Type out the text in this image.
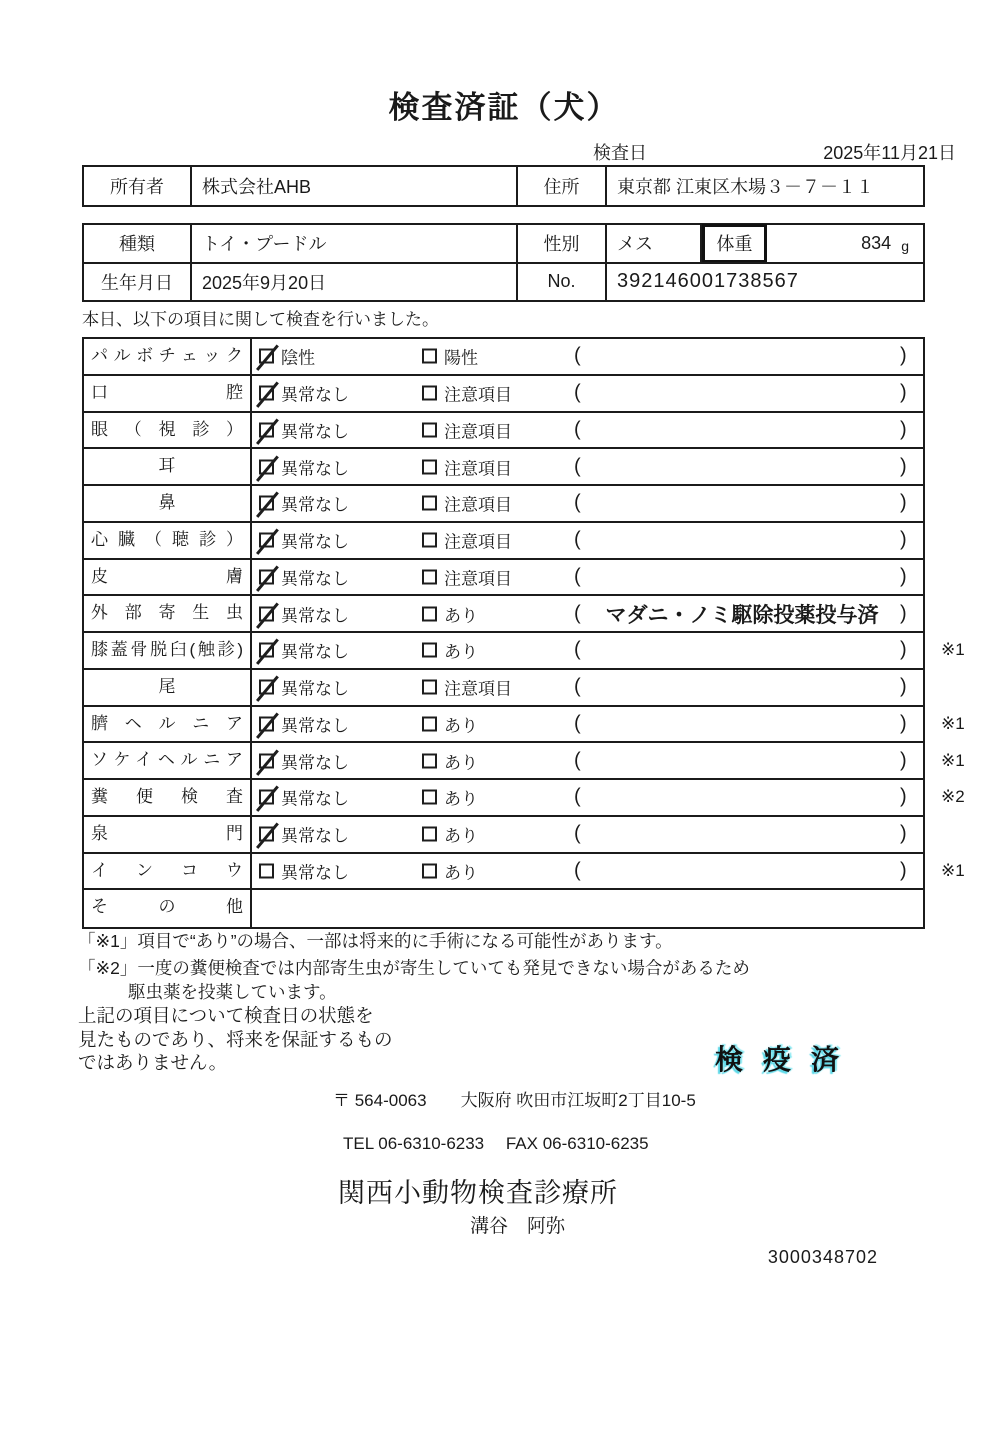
検査済証（犬）
検査日	2025年11月21日
所有者	株式会社AHB	住所	東京都 江東区木場３－７－１１
種類	トイ・プードル	性別	メス	体重	834 g
生年月日	2025年9月20日	No.	392146001738567
本日、以下の項目に関して検査を行いました。
パルボチェック	陰性	陽性	(	)
口腔	異常なし	注意項目	(	)
眼（視診）	異常なし	注意項目	(	)
耳	異常なし	注意項目	(	)
鼻	異常なし	注意項目	(	)
心臓（聴診）	異常なし	注意項目	(	)
皮膚	異常なし	注意項目	(	)
外部寄生虫	異常なし	あり	(	マダニ・ノミ駆除投薬投与済	)
膝蓋骨脱臼(触診)	異常なし	あり	(	) ※1
尾	異常なし	注意項目	(	)
臍ヘルニア	異常なし	あり	(	) ※1
ソケイヘルニア	異常なし	あり	(	) ※1
糞便検査	異常なし	あり	(	) ※2
泉門	異常なし	あり	(	)
インコウ	異常なし	あり	(	) ※1
その他
「※1」項目で“あり”の場合、一部は将来的に手術になる可能性があります。
「※2」一度の糞便検査では内部寄生虫が寄生していても発見できない場合があるため
駆虫薬を投薬しています。
上記の項目について検査日の状態を
見たものであり、将来を保証するもの
ではありません。	検疫済
〒 564-0063　　大阪府 吹田市江坂町2丁目10-5
TEL 06-6310-6233　 FAX 06-6310-6235
関西小動物検査診療所
溝谷　阿弥
3000348702
